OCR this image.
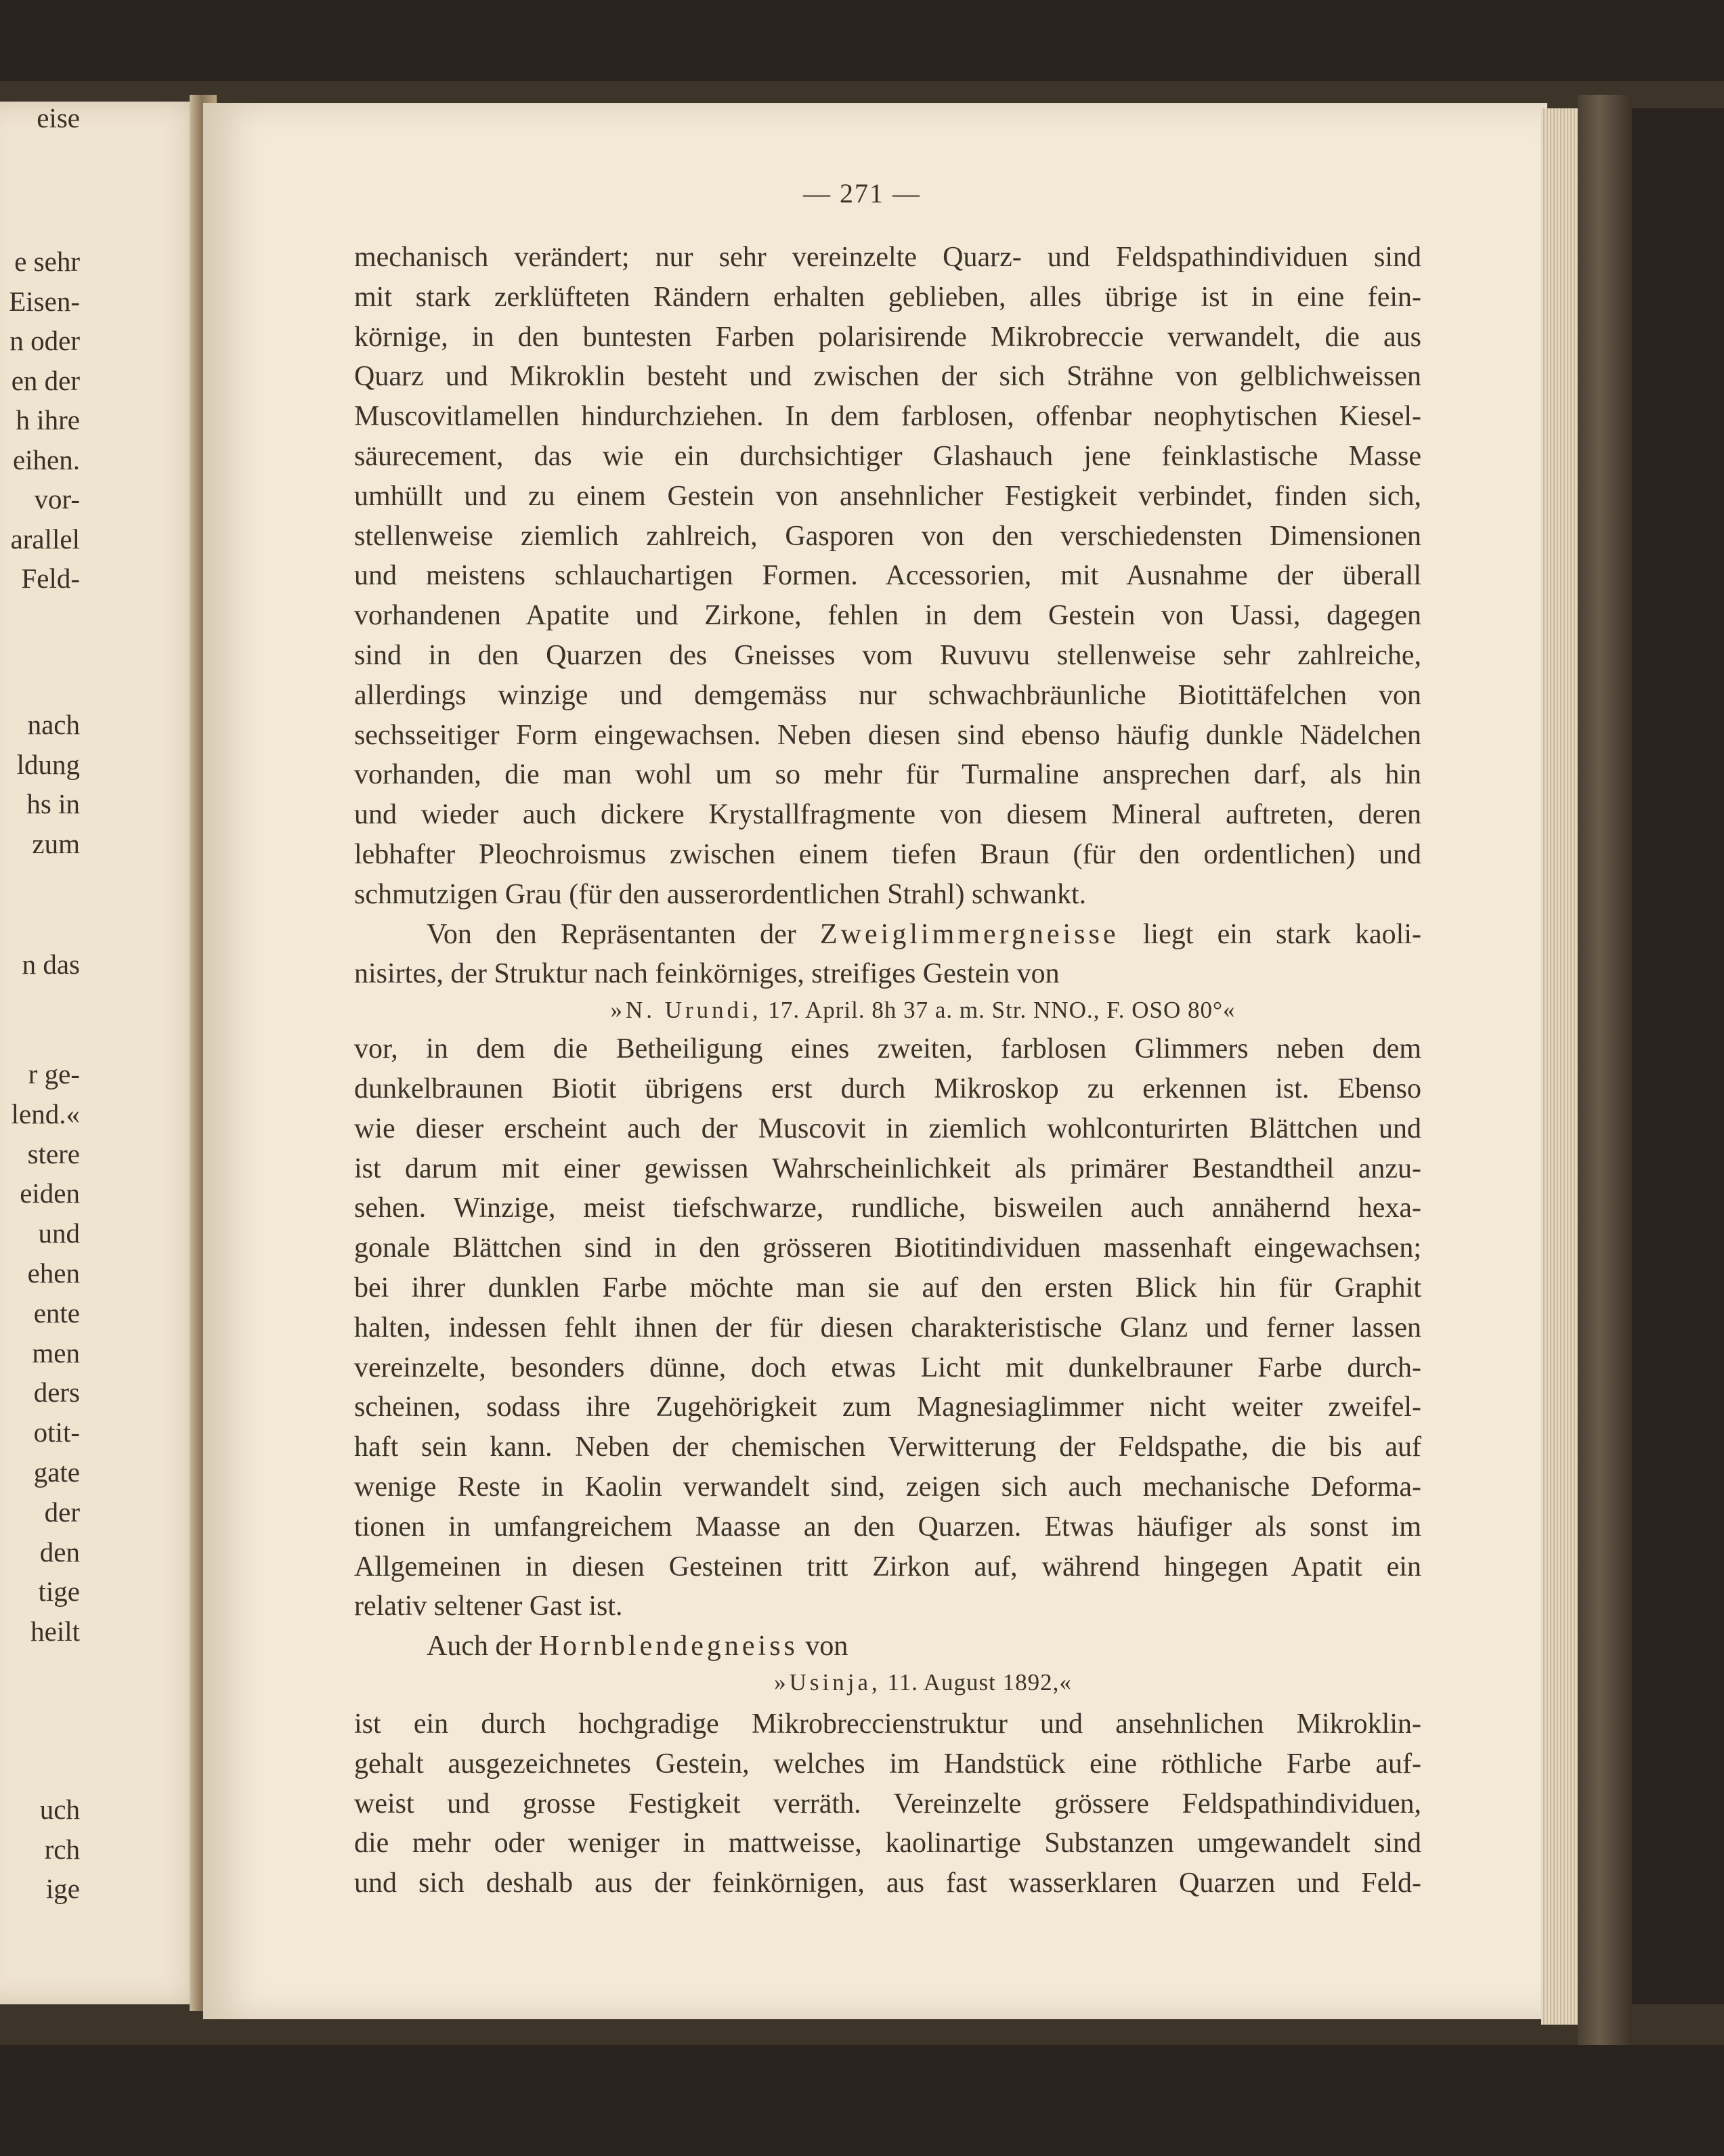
e sehr
Eisen-
n oder
en der
h ihre
eihen.
vor-
arallel
Feld-
nach
ldung
hs in
zum
n das
r ge-
lend.«
stere
eiden
und
ehen
ente
men
ders
otit-
gate
der
den
tige
heilt
uch
rch
ige
eise
— 271 —
mechanisch verändert; nur sehr vereinzelte Quarz- und Feldspathindividuen sind
mit stark zerklüfteten Rändern erhalten geblieben, alles übrige ist in eine fein-
körnige, in den buntesten Farben polarisirende Mikrobreccie verwandelt, die aus
Quarz und Mikroklin besteht und zwischen der sich Strähne von gelblichweissen
Muscovitlamellen hindurchziehen. In dem farblosen, offenbar neophytischen Kiesel-
säurecement, das wie ein durchsichtiger Glashauch jene feinklastische Masse
umhüllt und zu einem Gestein von ansehnlicher Festigkeit verbindet, finden sich,
stellenweise ziemlich zahlreich, Gasporen von den verschiedensten Dimensionen
und meistens schlauchartigen Formen. Accessorien, mit Ausnahme der überall
vorhandenen Apatite und Zirkone, fehlen in dem Gestein von Uassi, dagegen
sind in den Quarzen des Gneisses vom Ruvuvu stellenweise sehr zahlreiche,
allerdings winzige und demgemäss nur schwachbräunliche Biotittäfelchen von
sechsseitiger Form eingewachsen. Neben diesen sind ebenso häufig dunkle Nädelchen
vorhanden, die man wohl um so mehr für Turmaline ansprechen darf, als hin
und wieder auch dickere Krystallfragmente von diesem Mineral auftreten, deren
lebhafter Pleochroismus zwischen einem tiefen Braun (für den ordentlichen) und
schmutzigen Grau (für den ausserordentlichen Strahl) schwankt.
Von den Repräsentanten der Zweiglimmergneisse liegt ein stark kaoli-
nisirtes, der Struktur nach feinkörniges, streifiges Gestein von
»N. Urundi, 17. April. 8h 37 a. m. Str. NNO., F. OSO 80°«
vor, in dem die Betheiligung eines zweiten, farblosen Glimmers neben dem
dunkelbraunen Biotit übrigens erst durch Mikroskop zu erkennen ist. Ebenso
wie dieser erscheint auch der Muscovit in ziemlich wohlconturirten Blättchen und
ist darum mit einer gewissen Wahrscheinlichkeit als primärer Bestandtheil anzu-
sehen. Winzige, meist tiefschwarze, rundliche, bisweilen auch annähernd hexa-
gonale Blättchen sind in den grösseren Biotitindividuen massenhaft eingewachsen;
bei ihrer dunklen Farbe möchte man sie auf den ersten Blick hin für Graphit
halten, indessen fehlt ihnen der für diesen charakteristische Glanz und ferner lassen
vereinzelte, besonders dünne, doch etwas Licht mit dunkelbrauner Farbe durch-
scheinen, sodass ihre Zugehörigkeit zum Magnesiaglimmer nicht weiter zweifel-
haft sein kann. Neben der chemischen Verwitterung der Feldspathe, die bis auf
wenige Reste in Kaolin verwandelt sind, zeigen sich auch mechanische Deforma-
tionen in umfangreichem Maasse an den Quarzen. Etwas häufiger als sonst im
Allgemeinen in diesen Gesteinen tritt Zirkon auf, während hingegen Apatit ein
relativ seltener Gast ist.
Auch der Hornblendegneiss von
»Usinja, 11. August 1892,«
ist ein durch hochgradige Mikrobreccienstruktur und ansehnlichen Mikroklin-
gehalt ausgezeichnetes Gestein, welches im Handstück eine röthliche Farbe auf-
weist und grosse Festigkeit verräth. Vereinzelte grössere Feldspathindividuen,
die mehr oder weniger in mattweisse, kaolinartige Substanzen umgewandelt sind
und sich deshalb aus der feinkörnigen, aus fast wasserklaren Quarzen und Feld-
